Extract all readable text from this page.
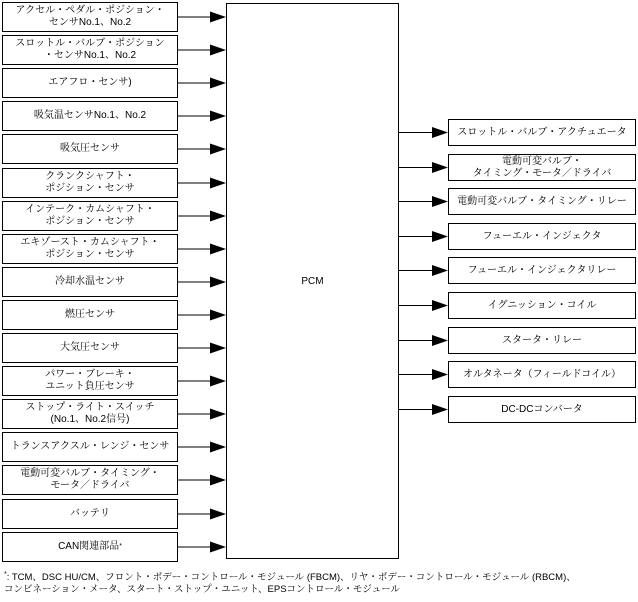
PCM
アクセル・ペダル・ポジション・
センサNo.1、No.2
スロットル・バルブ・ポジション
・センサNo.1、No.2
エアフロ・センサ)
吸気温センサNo.1、No.2
吸気圧センサ
クランクシャフト・
ポジション・センサ
インテーク・カムシャフト・
ポジション・センサ
エキゾースト・カムシャフト・
ポジション・センサ
冷却水温センサ
燃圧センサ
大気圧センサ
パワー・ブレーキ・
ユニット負圧センサ
ストップ・ライト・スイッチ
(No.1、No.2信号)
トランスアクスル・レンジ・センサ
電動可変バルブ・タイミング・
モータ／ドライバ
バッテリ
CAN関連部品 *
スロットル・バルブ・アクチュエータ
電動可変バルブ・
タイミング・モータ／ドライバ
電動可変バルブ・タイミング・リレー
フューエル・インジェクタ
フューエル・インジェクタリレー
イグニッション・コイル
スタータ・リレー
オルタネータ（フィールドコイル）
DC-DCコンバータ
*: TCM、DSC HU/CM、フロント・ボデー・コントロール・モジュール (FBCM)、リヤ・ボデー・コントロール・モジュール (RBCM)、
コンビネーション・メータ、スタート・ストップ・ユニット、EPSコントロール・モジュール
